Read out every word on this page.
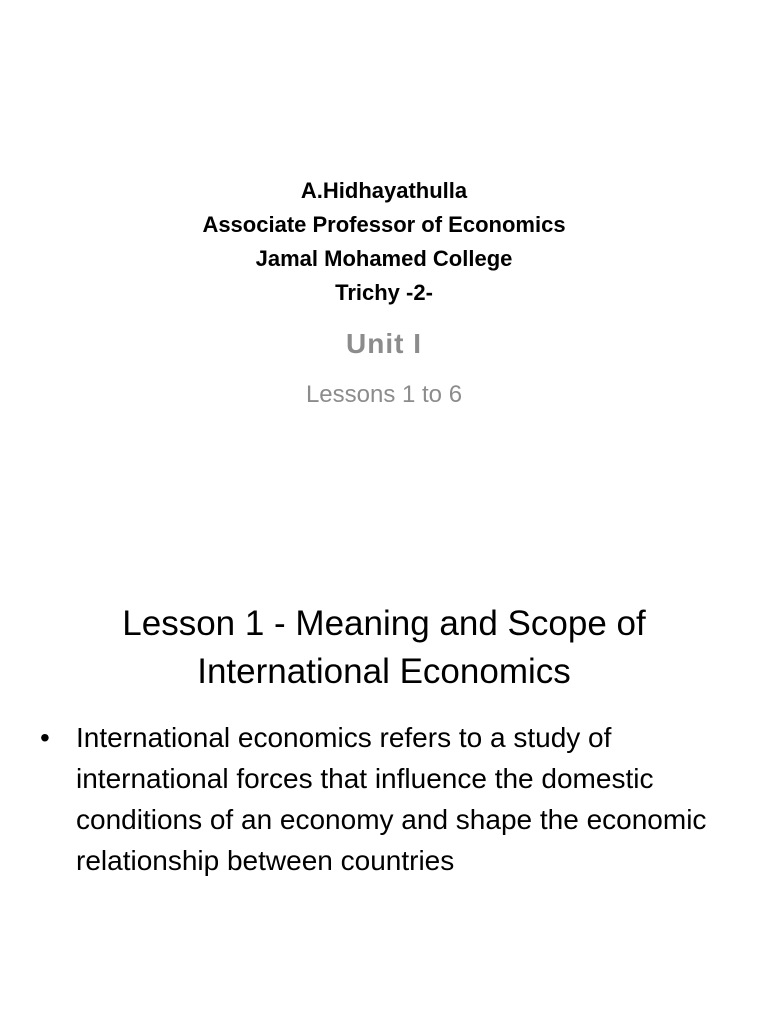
A.Hidhayathulla
Associate Professor of Economics
Jamal Mohamed College
Trichy -2-
Unit I
Lessons 1 to 6
Lesson 1 - Meaning and Scope of
International Economics
• International economics refers to a study of international forces that influence the domestic conditions of an economy and shape the economic relationship between countries
